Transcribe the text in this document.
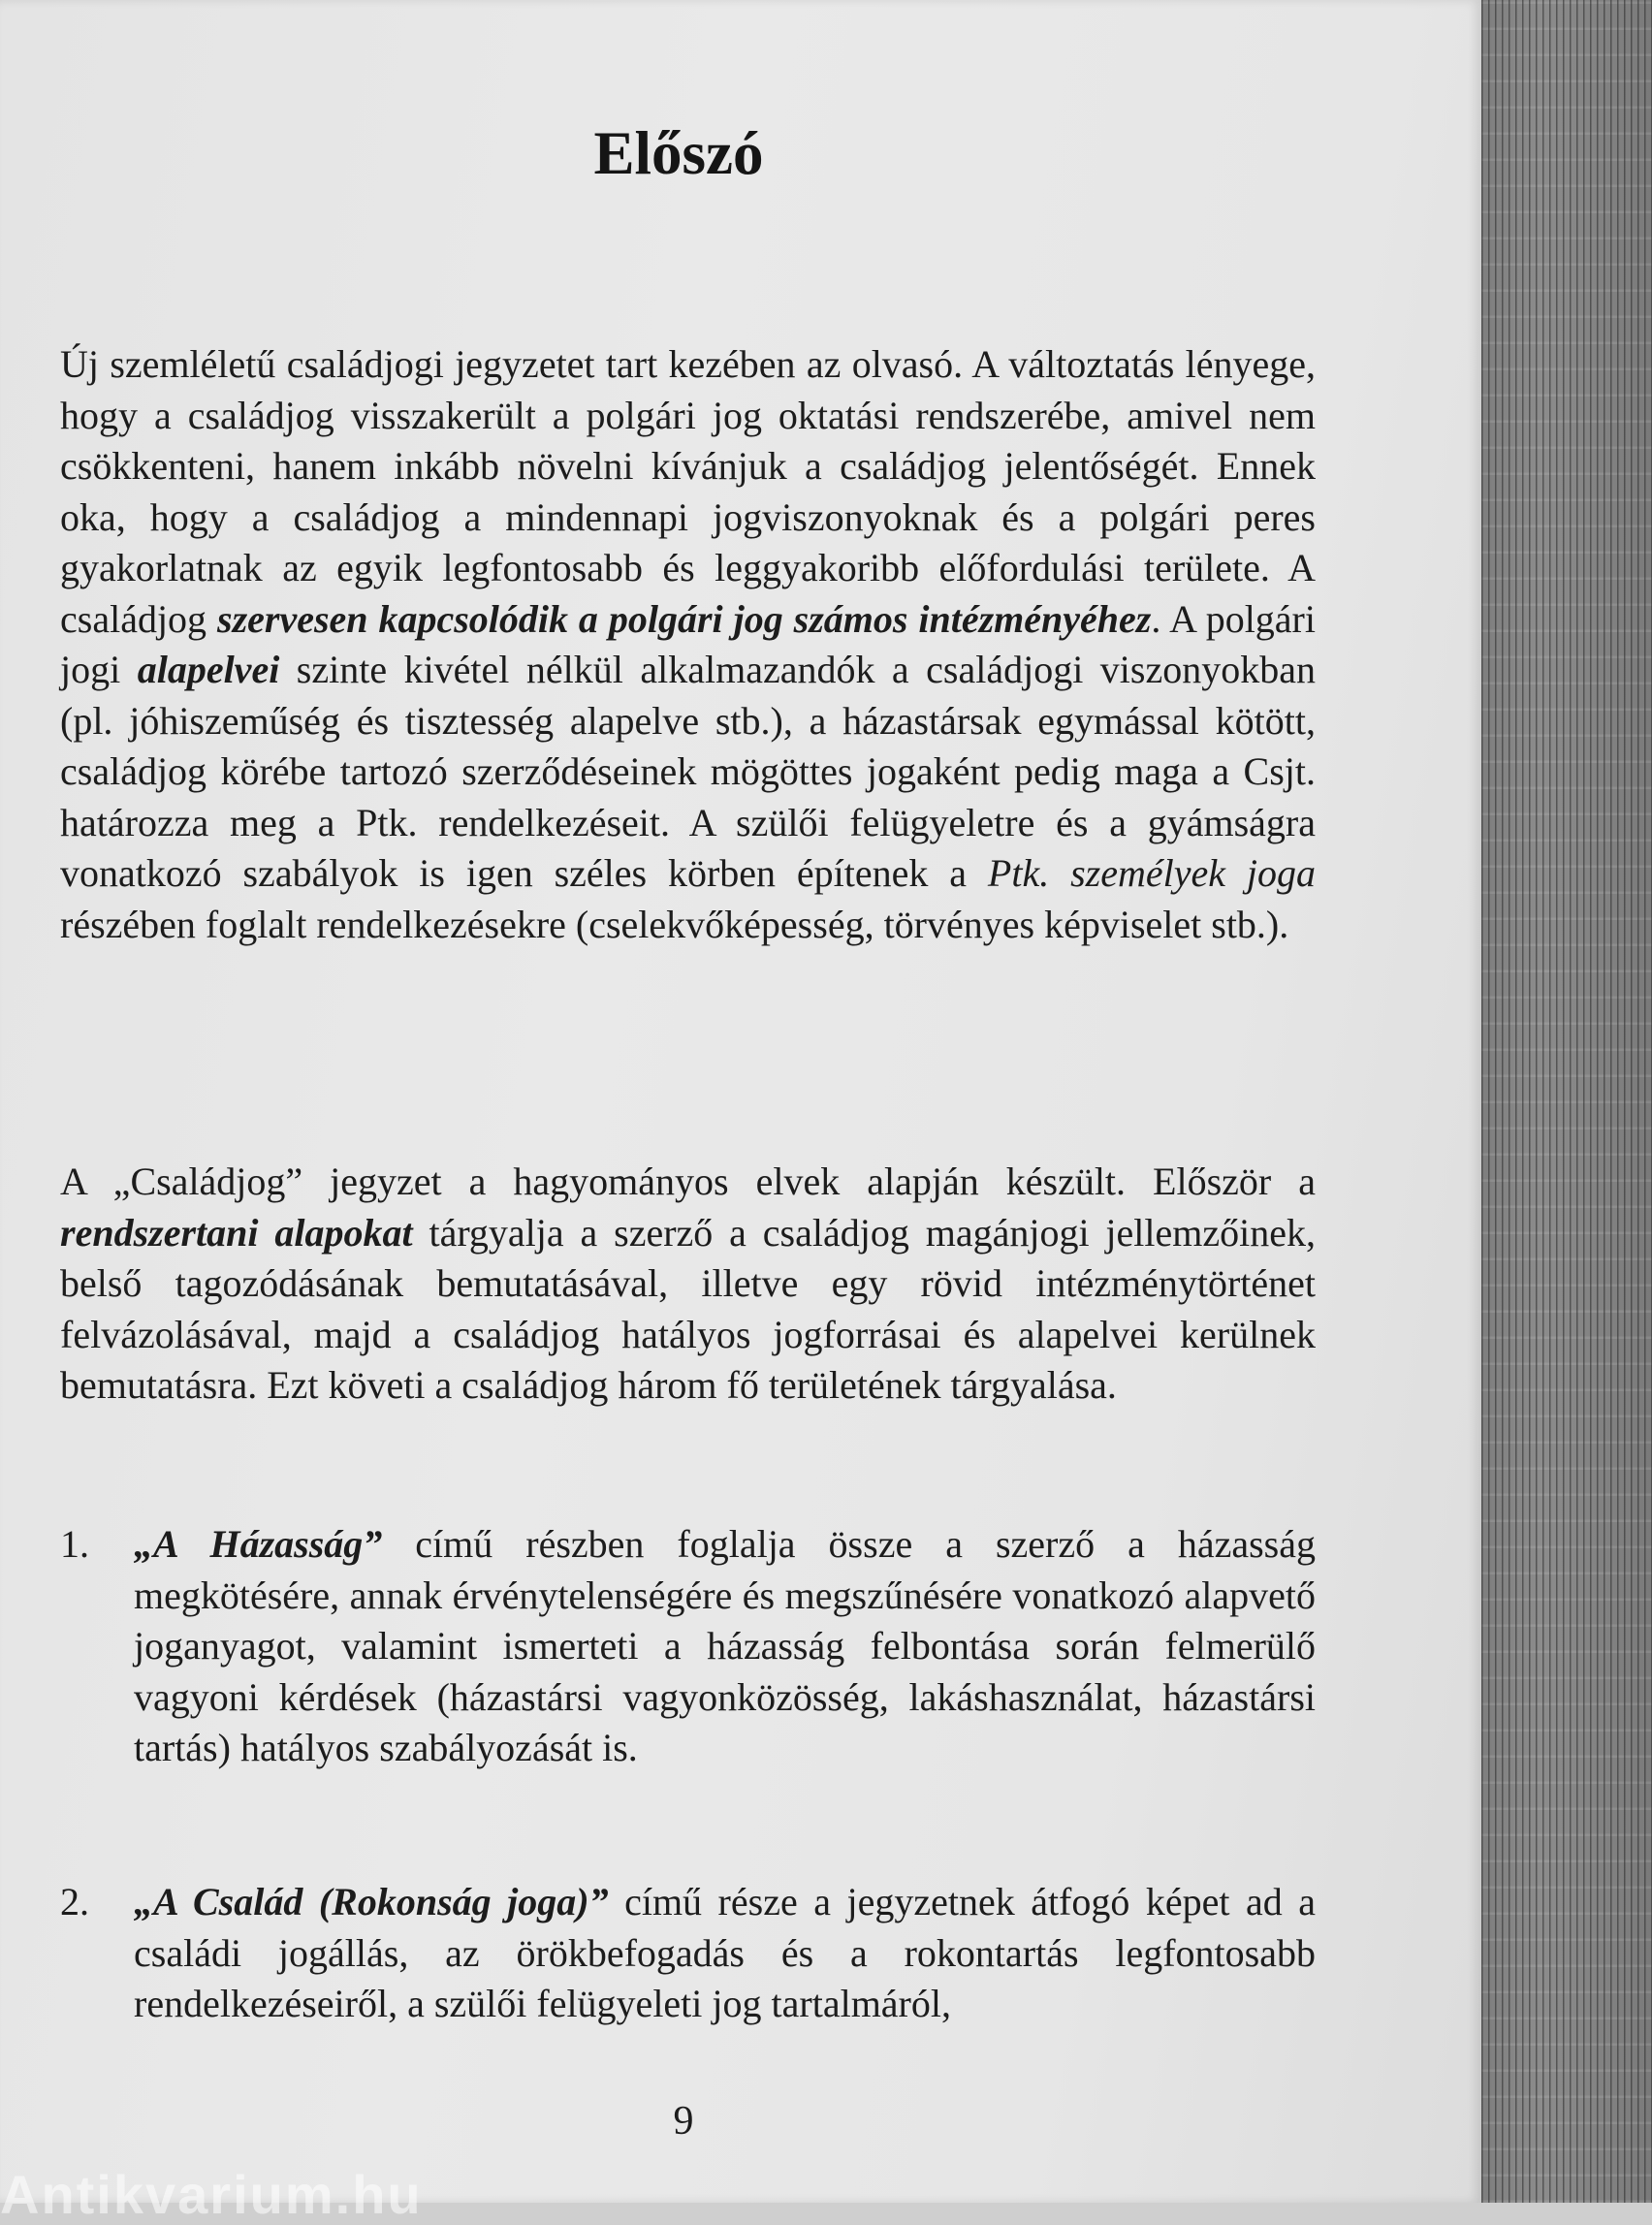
Előszó

Új szemléletű családjogi jegyzetet tart kezében az olvasó. A változtatás lényege, hogy a családjog visszakerült a polgári jog oktatási rendszerébe, amivel nem csökkenteni, hanem inkább növelni kívánjuk a családjog jelentőségét. Ennek oka, hogy a családjog a mindennapi jogviszonyoknak és a polgári peres gyakorlatnak az egyik legfontosabb és leggyakoribb előfordulási területe. A családjog szervesen kapcsolódik a polgári jog számos intézményéhez. A polgári jogi alapelvei szinte kivétel nélkül alkalmazandók a családjogi viszonyokban (pl. jóhiszeműség és tisztesség alapelve stb.), a házastársak egymással kötött, családjog körébe tartozó szerződéseinek mögöttes jogaként pedig maga a Csjt. határozza meg a Ptk. rendelkezéseit. A szülői felügyeletre és a gyámságra vonatkozó szabályok is igen széles körben építenek a Ptk. személyek joga részében foglalt rendelkezésekre (cselekvőképesség, törvényes képviselet stb.).

A „Családjog” jegyzet a hagyományos elvek alapján készült. Először a rendszertani alapokat tárgyalja a szerző a családjog magánjogi jellemzőinek, belső tagozódásának bemutatásával, illetve egy rövid intézménytörténet felvázolásával, majd a családjog hatályos jogforrásai és alapelvei kerülnek bemutatásra. Ezt követi a családjog három fő területének tárgyalása.

1.	„A Házasság” című részben foglalja össze a szerző a házasság megkötésére, annak érvénytelenségére és megszűnésére vonatkozó alapvető joganyagot, valamint ismerteti a házasság felbontása során felmerülő vagyoni kérdések (házastársi vagyonközösség, lakáshasználat, házastársi tartás) hatályos szabályozását is.

2.	„A Család (Rokonság joga)” című része a jegyzetnek átfogó képet ad a családi jogállás, az örökbefogadás és a rokontartás legfontosabb rendelkezéseiről, a szülői felügyeleti jog tartalmáról,

9

Antikvarium.hu
